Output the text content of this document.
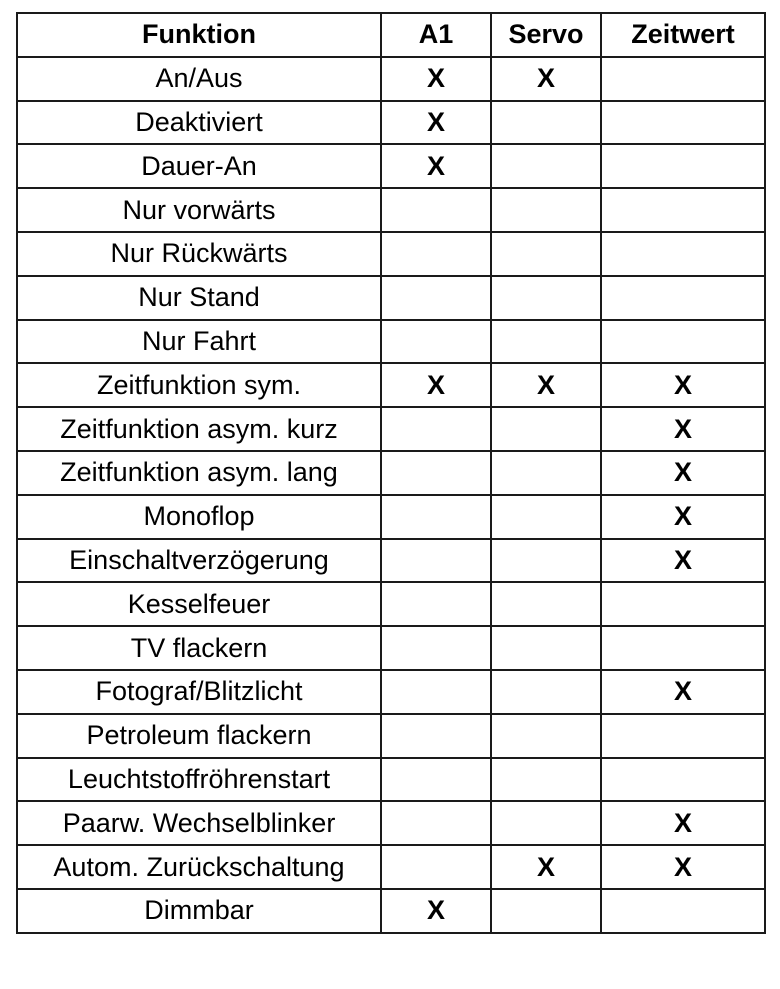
Funktion	A1	Servo	Zeitwert
An/Aus	X	X	
Deaktiviert	X		
Dauer-An	X		
Nur vorwärts			
Nur Rückwärts			
Nur Stand			
Nur Fahrt			
Zeitfunktion sym.	X	X	X
Zeitfunktion asym. kurz			X
Zeitfunktion asym. lang			X
Monoflop			X
Einschaltverzögerung			X
Kesselfeuer			
TV flackern			
Fotograf/Blitzlicht			X
Petroleum flackern			
Leuchtstoffröhrenstart			
Paarw. Wechselblinker			X
Autom. Zurückschaltung		X	X
Dimmbar	X		
